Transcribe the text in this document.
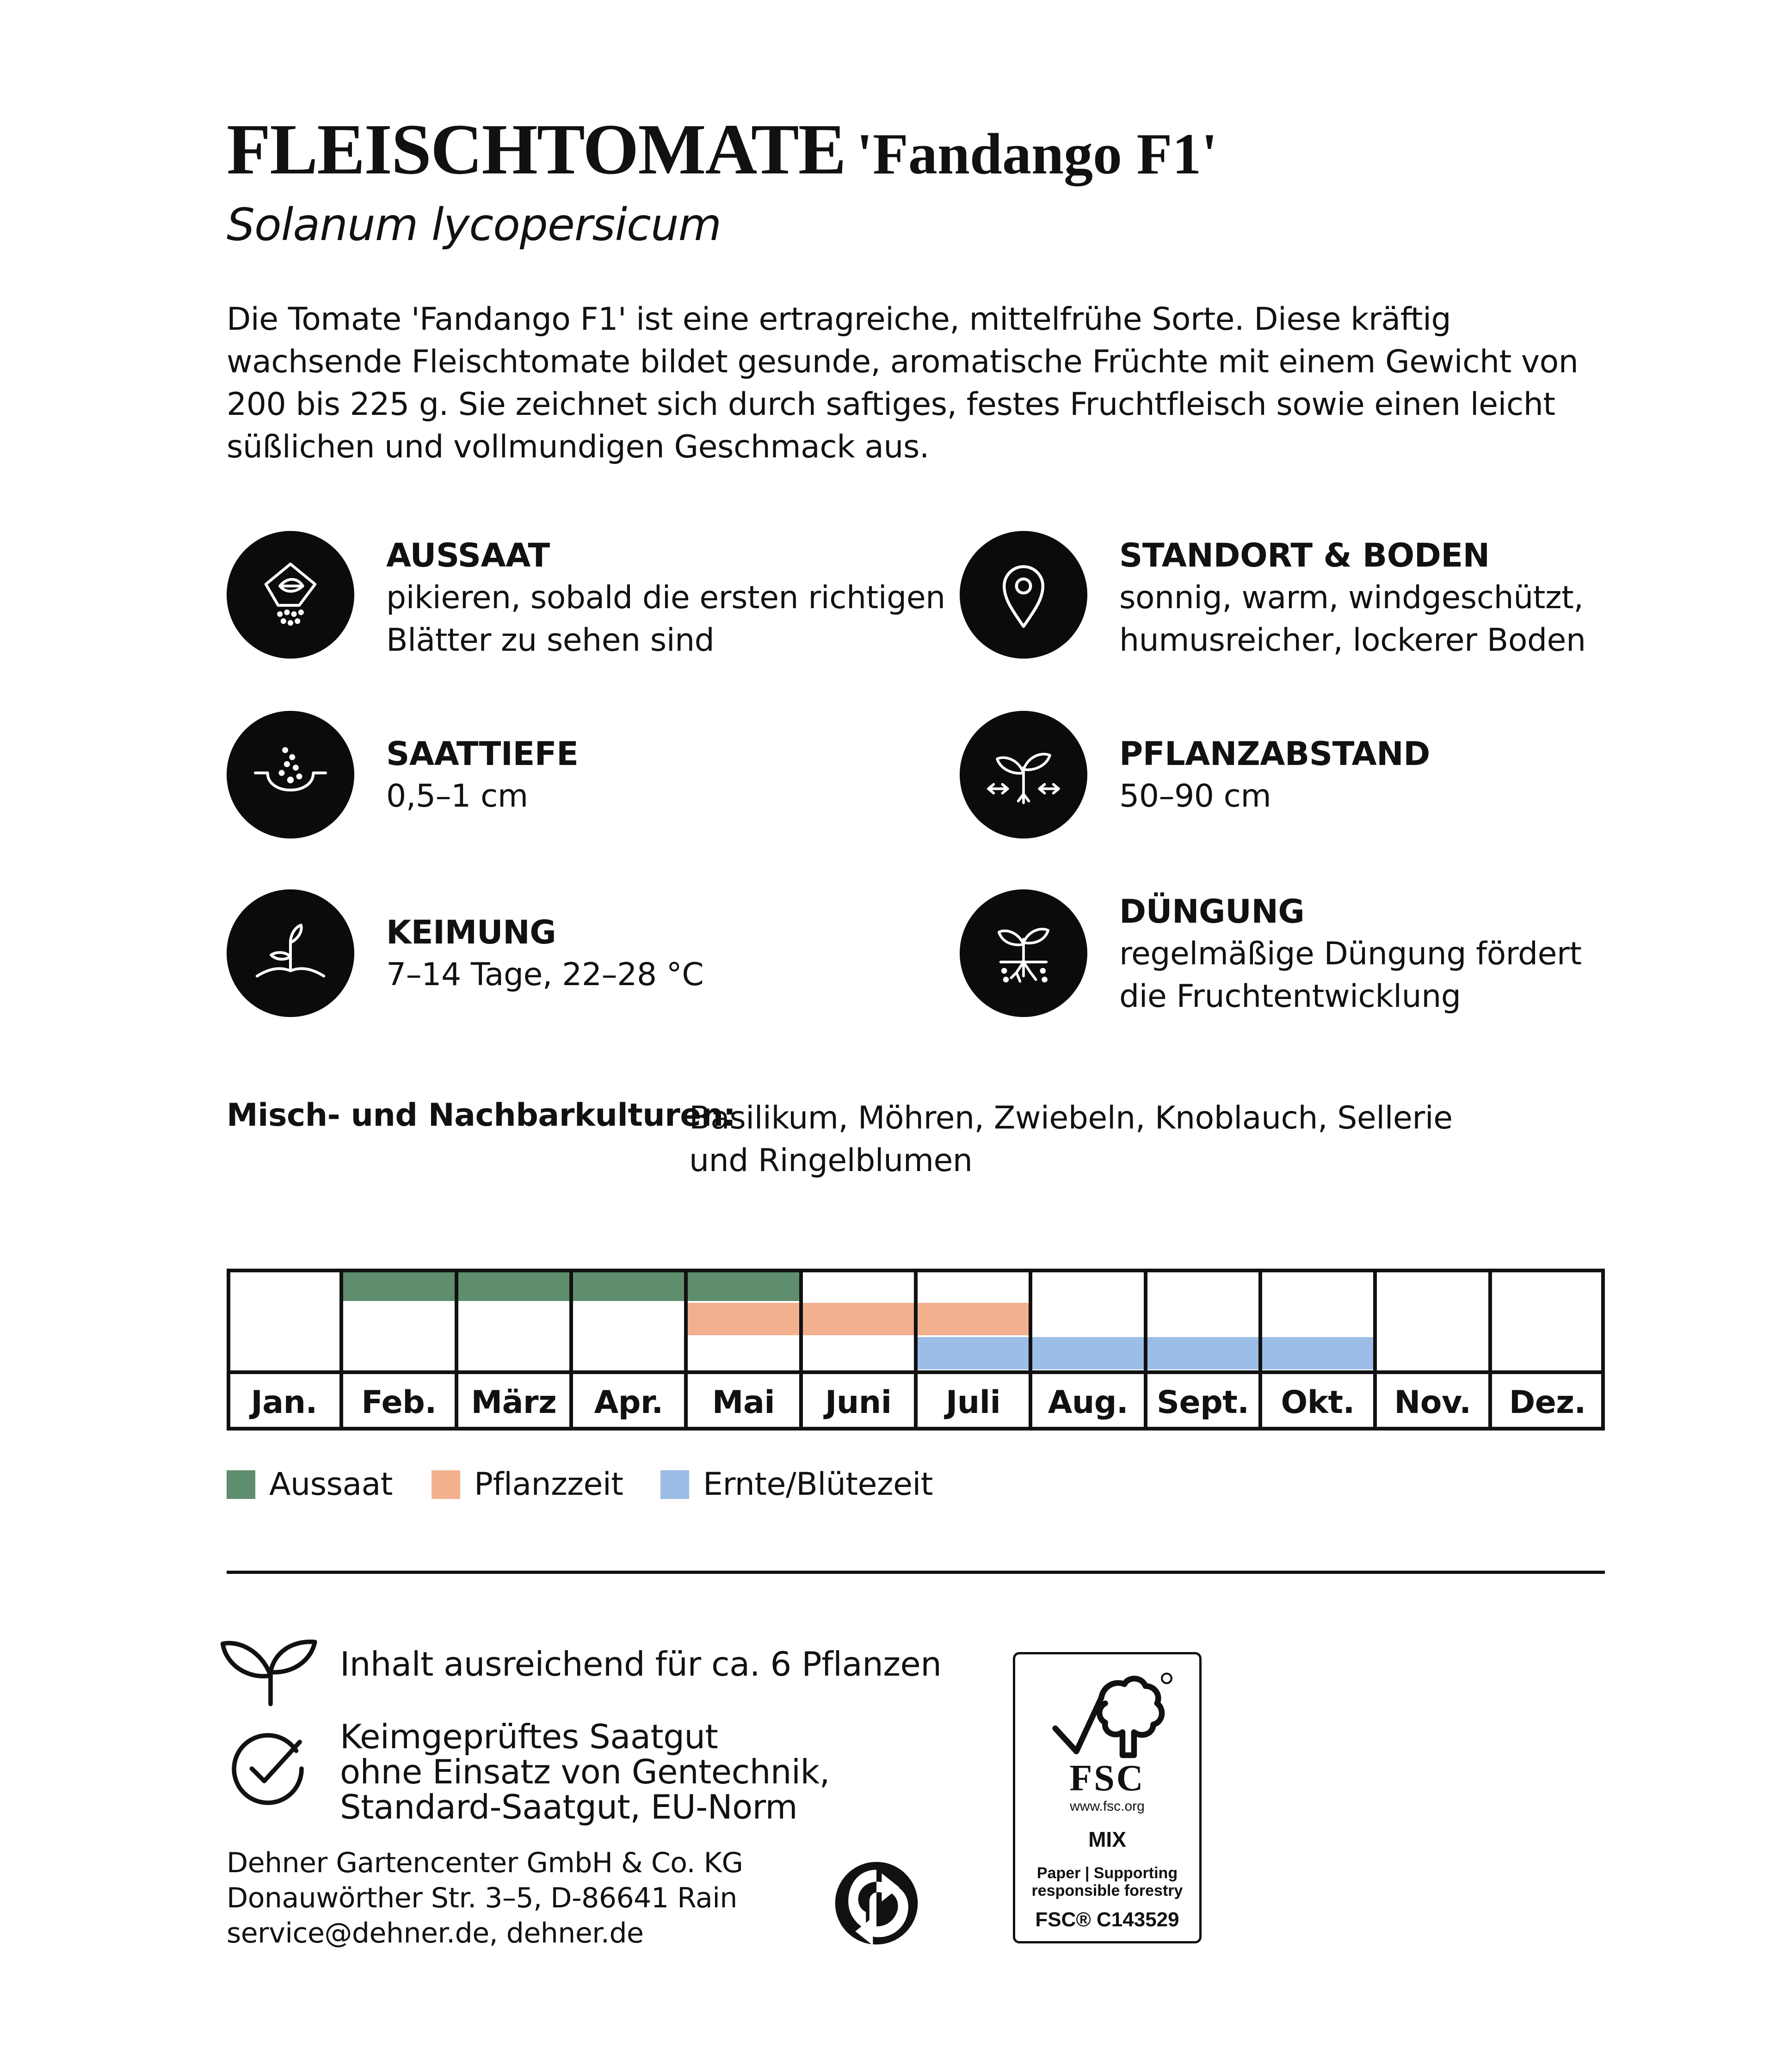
FLEISCHTOMATE 'Fandango F1'
Solanum lycopersicum
Die Tomate 'Fandango F1' ist eine ertragreiche, mittelfrühe Sorte. Diese kräftig wachsende Fleischtomate bildet gesunde, aromatische Früchte mit einem Gewicht von 200 bis 225 g. Sie zeichnet sich durch saftiges, festes Fruchtfleisch sowie einen leicht süßlichen und vollmundigen Geschmack aus.
AUSSAAT
pikieren, sobald die ersten richtigen
Blätter zu sehen sind
STANDORT & BODEN
sonnig, warm, windgeschützt,
humusreicher, lockerer Boden
SAATTIEFE
0,5–1 cm
PFLANZABSTAND
50–90 cm
KEIMUNG
7–14 Tage, 22–28 °C
DÜNGUNG
regelmäßige Düngung fördert
die Fruchtentwicklung
Misch- und Nachbarkulturen:
Basilikum, Möhren, Zwiebeln, Knoblauch, Sellerie und Ringelblumen
Jan.	Feb.	März	Apr.	Mai	Juni	Juli	Aug. Sept.	Okt.	Nov.	Dez.
Aussaat	Pflanzzeit	Ernte/Blütezeit
Inhalt ausreichend für ca. 6 Pflanzen
Keimgeprüftes Saatgut
ohne Einsatz von Gentechnik,
Standard-Saatgut, EU-Norm
Dehner Gartencenter GmbH & Co. KG
Donauwörther Str. 3–5, D-86641 Rain
service@dehner.de, dehner.de
FSC
www.fsc.org
MIX
Paper | Supporting
responsible forestry
FSC® C143529
